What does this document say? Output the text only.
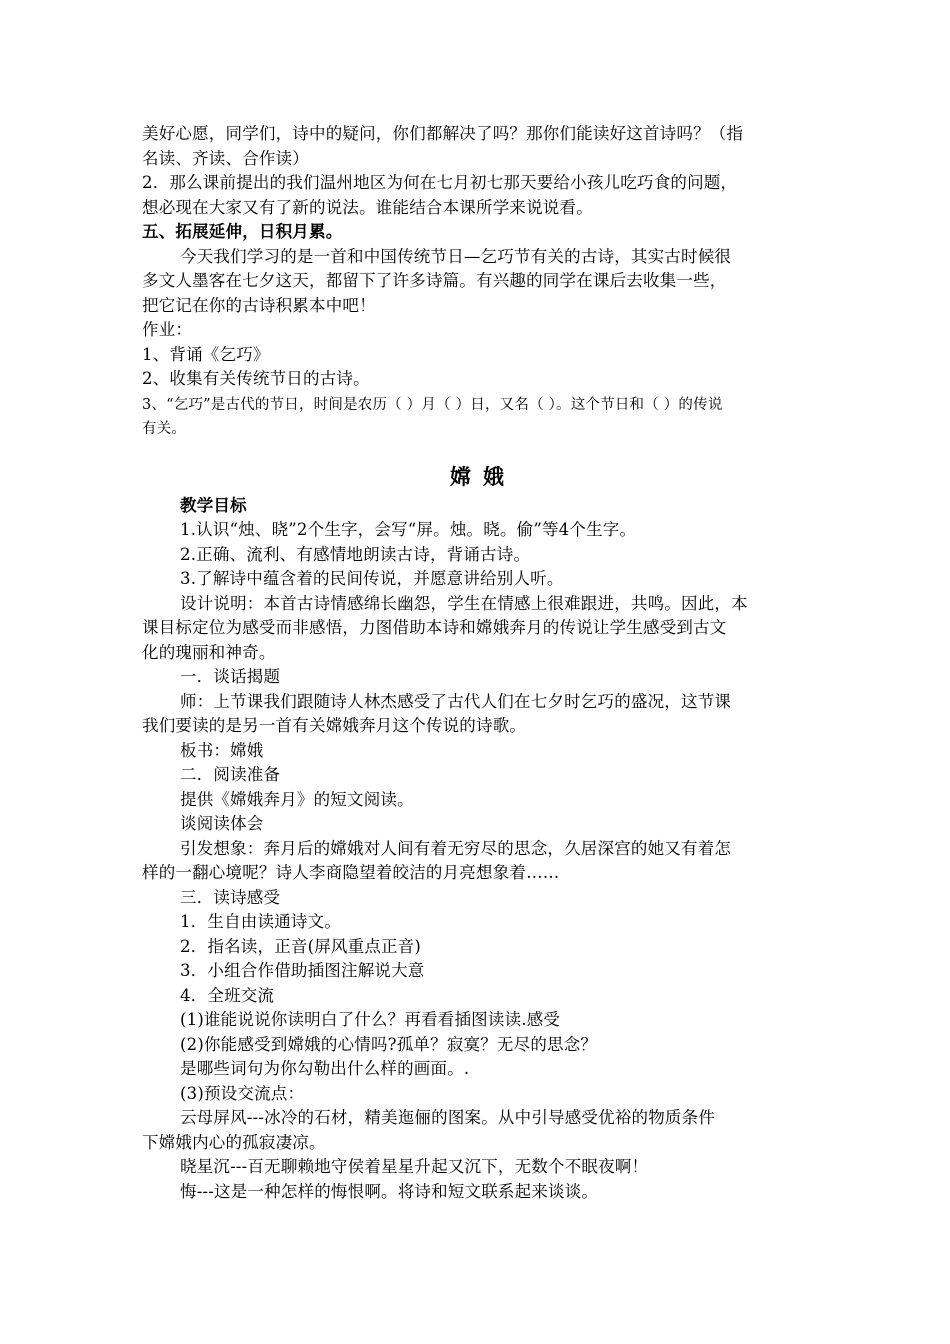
美好心愿，同学们，诗中的疑问，你们都解决了吗？那你们能读好这首诗吗？（指
名读、齐读、合作读）
2．那么课前提出的我们温州地区为何在七月初七那天要给小孩儿吃巧食的问题，
想必现在大家又有了新的说法。谁能结合本课所学来说说看。
五、拓展延伸，日积月累。
今天我们学习的是一首和中国传统节日—乞巧节有关的古诗，其实古时候很
多文人墨客在七夕这天，都留下了许多诗篇。有兴趣的同学在课后去收集一些，
把它记在你的古诗积累本中吧！
作业：
1、背诵《乞巧》
2、收集有关传统节日的古诗。
3、“乞巧”是古代的节日，时间是农历（ ）月（ ）日，又名（ ）。这个节日和（ ）的传说
有关。
嫦娥
教学目标
1.认识“烛、晓”2个生字，会写“屏。烛。晓。偷”等4个生字。
2.正确、流利、有感情地朗读古诗，背诵古诗。
3.了解诗中蕴含着的民间传说，并愿意讲给别人听。
设计说明：本首古诗情感绵长幽怨，学生在情感上很难跟进，共鸣。因此，本
课目标定位为感受而非感悟，力图借助本诗和嫦娥奔月的传说让学生感受到古文
化的瑰丽和神奇。
一．谈话揭题
师：上节课我们跟随诗人林杰感受了古代人们在七夕时乞巧的盛况，这节课
我们要读的是另一首有关嫦娥奔月这个传说的诗歌。
板书：嫦娥
二．阅读准备
提供《嫦娥奔月》的短文阅读。
谈阅读体会
引发想象：奔月后的嫦娥对人间有着无穷尽的思念，久居深宫的她又有着怎
样的一翻心境呢？诗人李商隐望着皎洁的月亮想象着……
三．读诗感受
1．生自由读通诗文。
2．指名读，正音(屏风重点正音)
3．小组合作借助插图注解说大意
4．全班交流
(1)谁能说说你读明白了什么？再看看插图读读.感受
(2)你能感受到嫦娥的心情吗?孤单？寂寞？无尽的思念？
是哪些词句为你勾勒出什么样的画面。.
(3)预设交流点：
云母屏风---冰冷的石材，精美迤俪的图案。从中引导感受优裕的物质条件
下嫦娥内心的孤寂凄凉。
晓星沉---百无聊赖地守侯着星星升起又沉下，无数个不眠夜啊！
悔---这是一种怎样的悔恨啊。将诗和短文联系起来谈谈。
